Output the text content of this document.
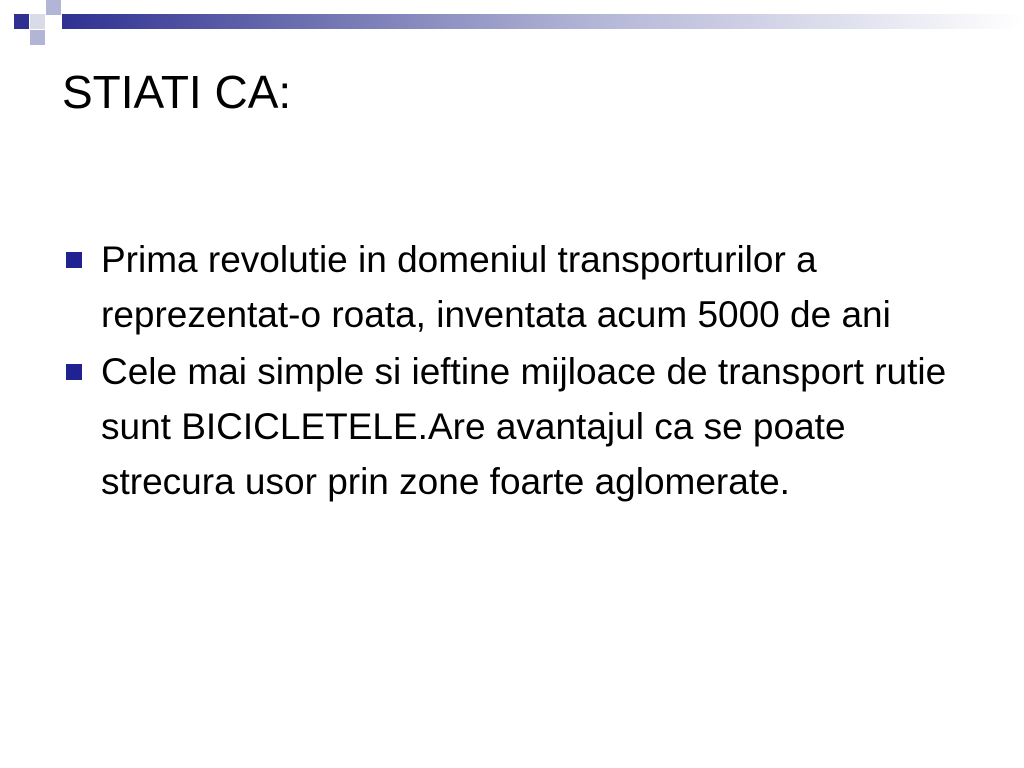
STIATI CA:
Prima revolutie in domeniul transporturilor a reprezentat-o roata, inventata acum 5000 de ani
Cele mai simple si ieftine mijloace de transport rutie sunt BICICLETELE.Are avantajul ca se poate strecura usor prin zone foarte aglomerate.
